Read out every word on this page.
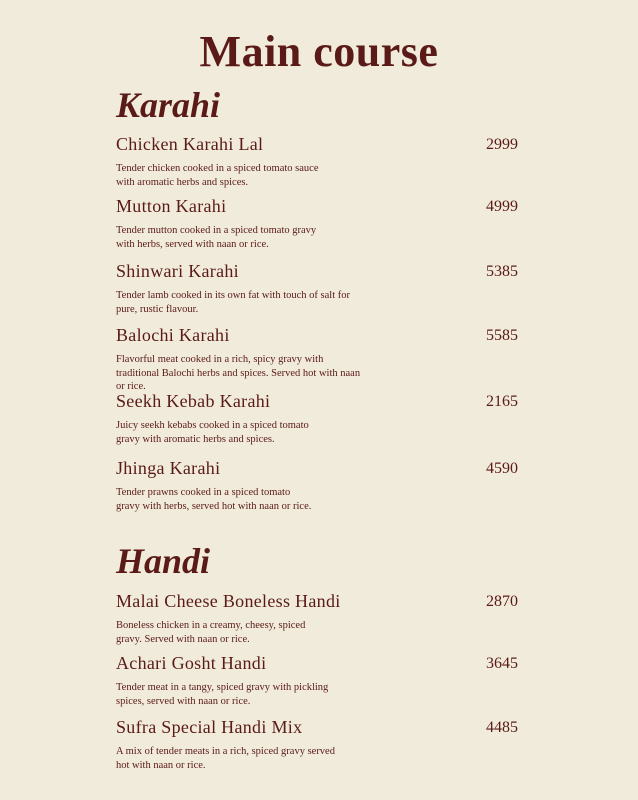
Main course
Karahi
Chicken Karahi Lal	2999
Tender chicken cooked in a spiced tomato sauce with aromatic herbs and spices.
Mutton Karahi	4999
Tender mutton cooked in a spiced tomato gravy with herbs, served with naan or rice.
Shinwari Karahi	5385
Tender lamb cooked in its own fat with touch of salt for pure, rustic flavour.
Balochi Karahi	5585
Flavorful meat cooked in a rich, spicy gravy with traditional Balochi herbs and spices. Served hot with naan or rice.
Seekh Kebab Karahi	2165
Juicy seekh kebabs cooked in a spiced tomato gravy with aromatic herbs and spices.
Jhinga Karahi	4590
Tender prawns cooked in a spiced tomato gravy with herbs, served hot with naan or rice.
Handi
Malai Cheese Boneless Handi	2870
Boneless chicken in a creamy, cheesy, spiced gravy. Served with naan or rice.
Achari Gosht Handi	3645
Tender meat in a tangy, spiced gravy with pickling spices, served with naan or rice.
Sufra Special Handi Mix	4485
A mix of tender meats in a rich, spiced gravy served hot with naan or rice.
